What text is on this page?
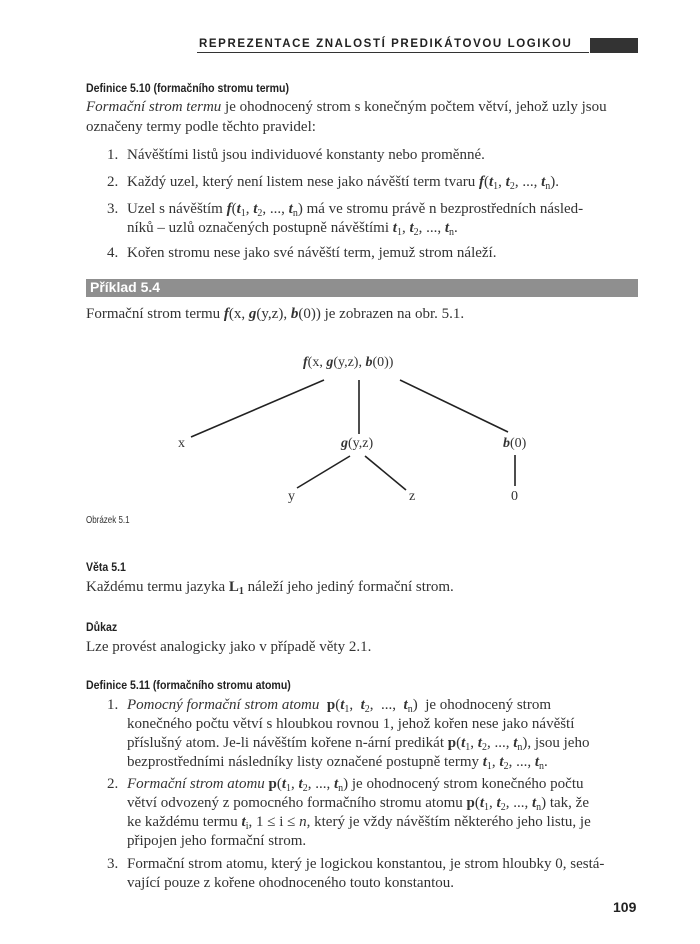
REPREZENTACE ZNALOSTÍ PREDIKÁTOVOU LOGIKOU
Definice 5.10 (formačního stromu termu)
Formační strom termu je ohodnocený strom s konečným počtem větví, jehož uzly jsou
označeny termy podle těchto pravidel:
1. Návěštími listů jsou individuové konstanty nebo proměnné.
2. Každý uzel, který není listem nese jako návěští term tvaru $f(t_1$, $t_2$, ..., $t_n$).
3. Uzel s návěštím $f(t_1$, $t_2$, ..., $t_n$) má ve stromu právě n bezprostředních násled-
níků – uzlů označených postupně návěštími $t_1$, $t_2$, ..., $t_n$.
4. Kořen stromu nese jako své návěští term, jemuž strom náleží.
Příklad 5.4
Formační strom termu f(x, g(y,z), b(0)) je zobrazen na obr. 5.1.
f(x, g(y,z), b(0))
x	g(y,z)	b(0)
y	z	0
Obrázek 5.1
Věta 5.1
Každému termu jazyka $L_1$ náleží jeho jediný formační strom.
Důkaz
Lze provést analogicky jako v případě věty 2.1.
Definice 5.11 (formačního stromu atomu)
1. Pomocný formační strom atomu $p(t_1$,  $t_2$,  ...,  $t_n$)  je ohodnocený strom
konečného počtu větví s hloubkou rovnou 1, jehož kořen nese jako návěští
příslušný atom. Je-li návěštím kořene n-ární predikát $p(t_1$, $t_2$, ..., $t_n$), jsou jeho
bezprostředními následníky listy označené postupně termy $t_1$, $t_2$, ..., $t_n$.
2. Formační strom atomu $p(t_1$, $t_2$, ..., $t_n$) je ohodnocený strom konečného počtu
větví odvozený z pomocného formačního stromu atomu $p(t_1$, $t_2$, ..., $t_n$) tak, že
ke každému termu $t_i$, 1 ≤ i ≤ n, který je vždy návěštím některého jeho listu, je
připojen jeho formační strom.
3. Formační strom atomu, který je logickou konstantou, je strom hloubky 0, sestá-
vající pouze z kořene ohodnoceného touto konstantou.
109
